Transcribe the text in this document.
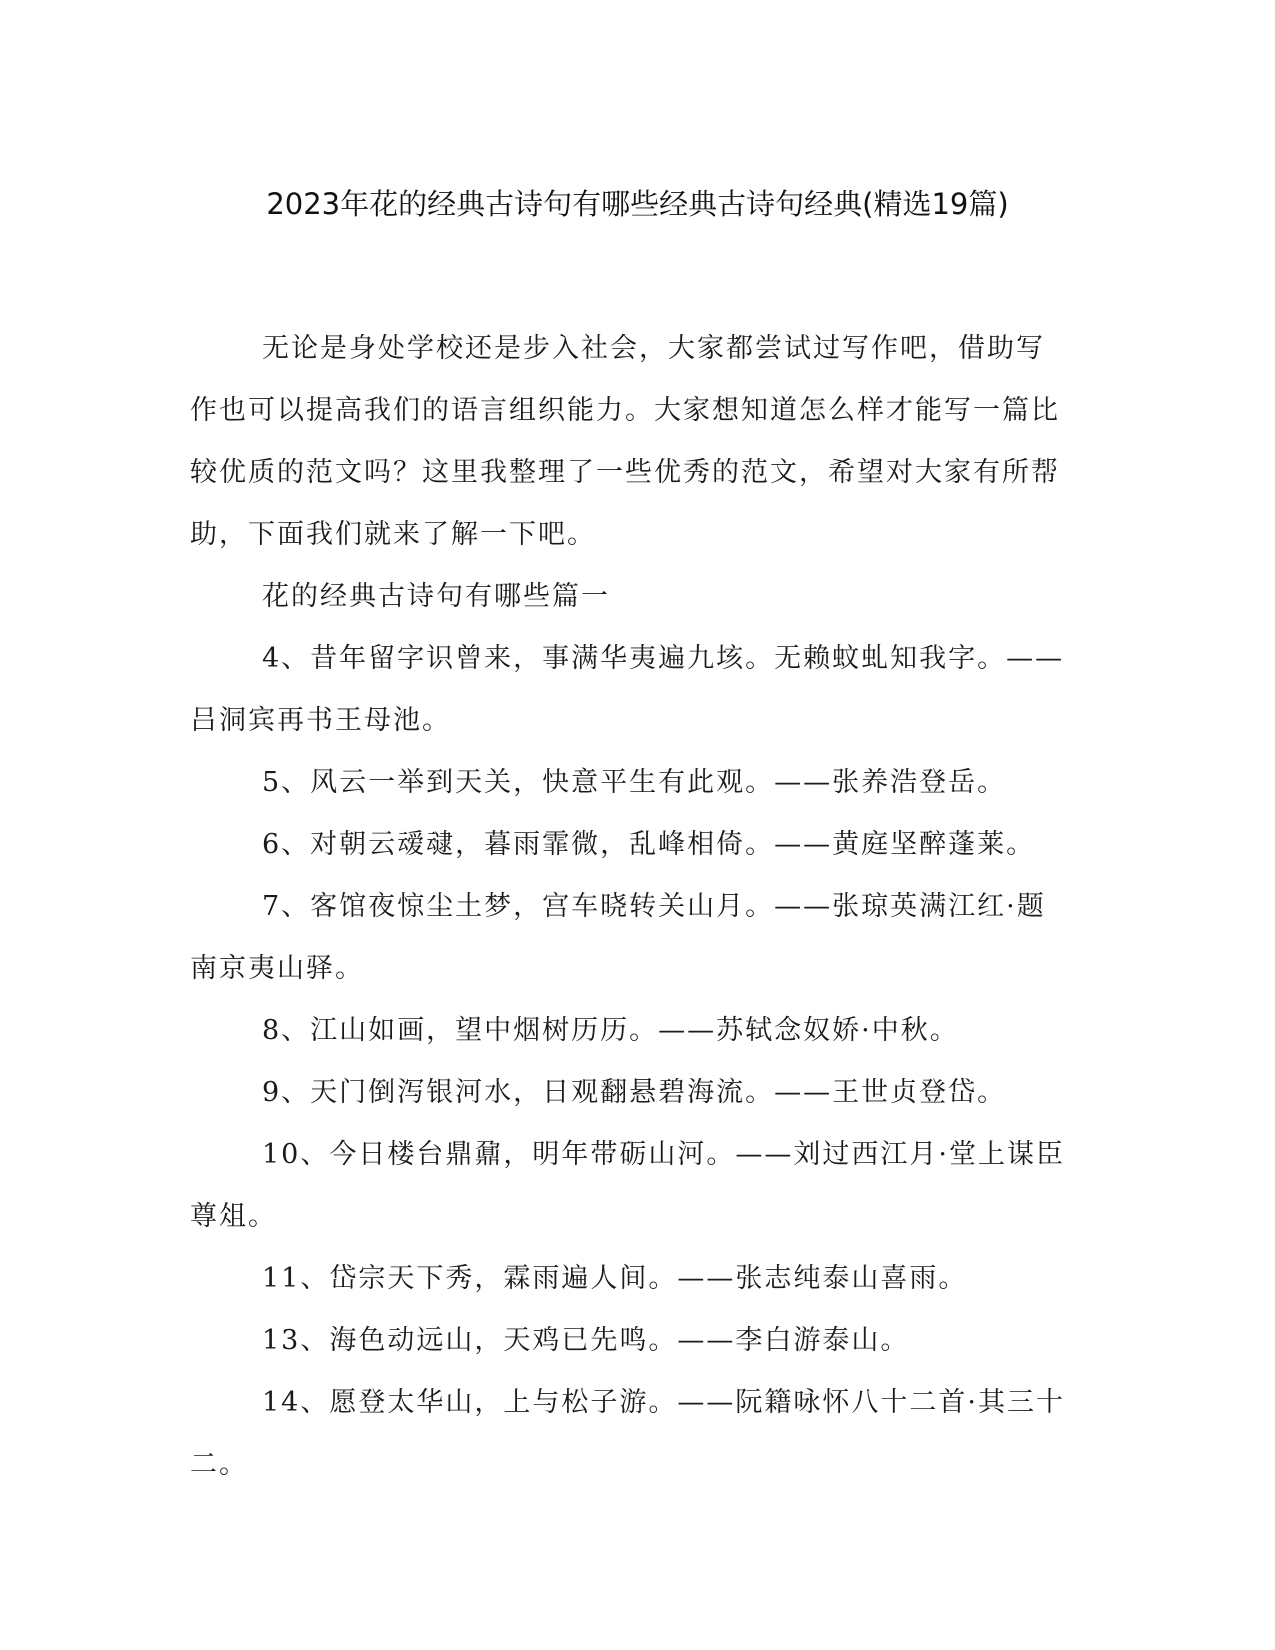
2023年花的经典古诗句有哪些经典古诗句经典(精选19篇)

无论是身处学校还是步入社会，大家都尝试过写作吧，借助写作也可以提高我们的语言组织能力。大家想知道怎么样才能写一篇比较优质的范文吗？这里我整理了一些优秀的范文，希望对大家有所帮助，下面我们就来了解一下吧。

花的经典古诗句有哪些篇一

4、昔年留字识曾来，事满华夷遍九垓。无赖蚊虬知我字。——吕洞宾再书王母池。

5、风云一举到天关，快意平生有此观。——张养浩登岳。

6、对朝云叆叇，暮雨霏微，乱峰相倚。——黄庭坚醉蓬莱。

7、客馆夜惊尘土梦，宫车晓转关山月。——张琼英满江红·题南京夷山驿。

8、江山如画，望中烟树历历。——苏轼念奴娇·中秋。

9、天门倒泻银河水，日观翻悬碧海流。——王世贞登岱。

10、今日楼台鼎鼐，明年带砺山河。——刘过西江月·堂上谋臣尊俎。

11、岱宗天下秀，霖雨遍人间。——张志纯泰山喜雨。

13、海色动远山，天鸡已先鸣。——李白游泰山。

14、愿登太华山，上与松子游。——阮籍咏怀八十二首·其三十二。
